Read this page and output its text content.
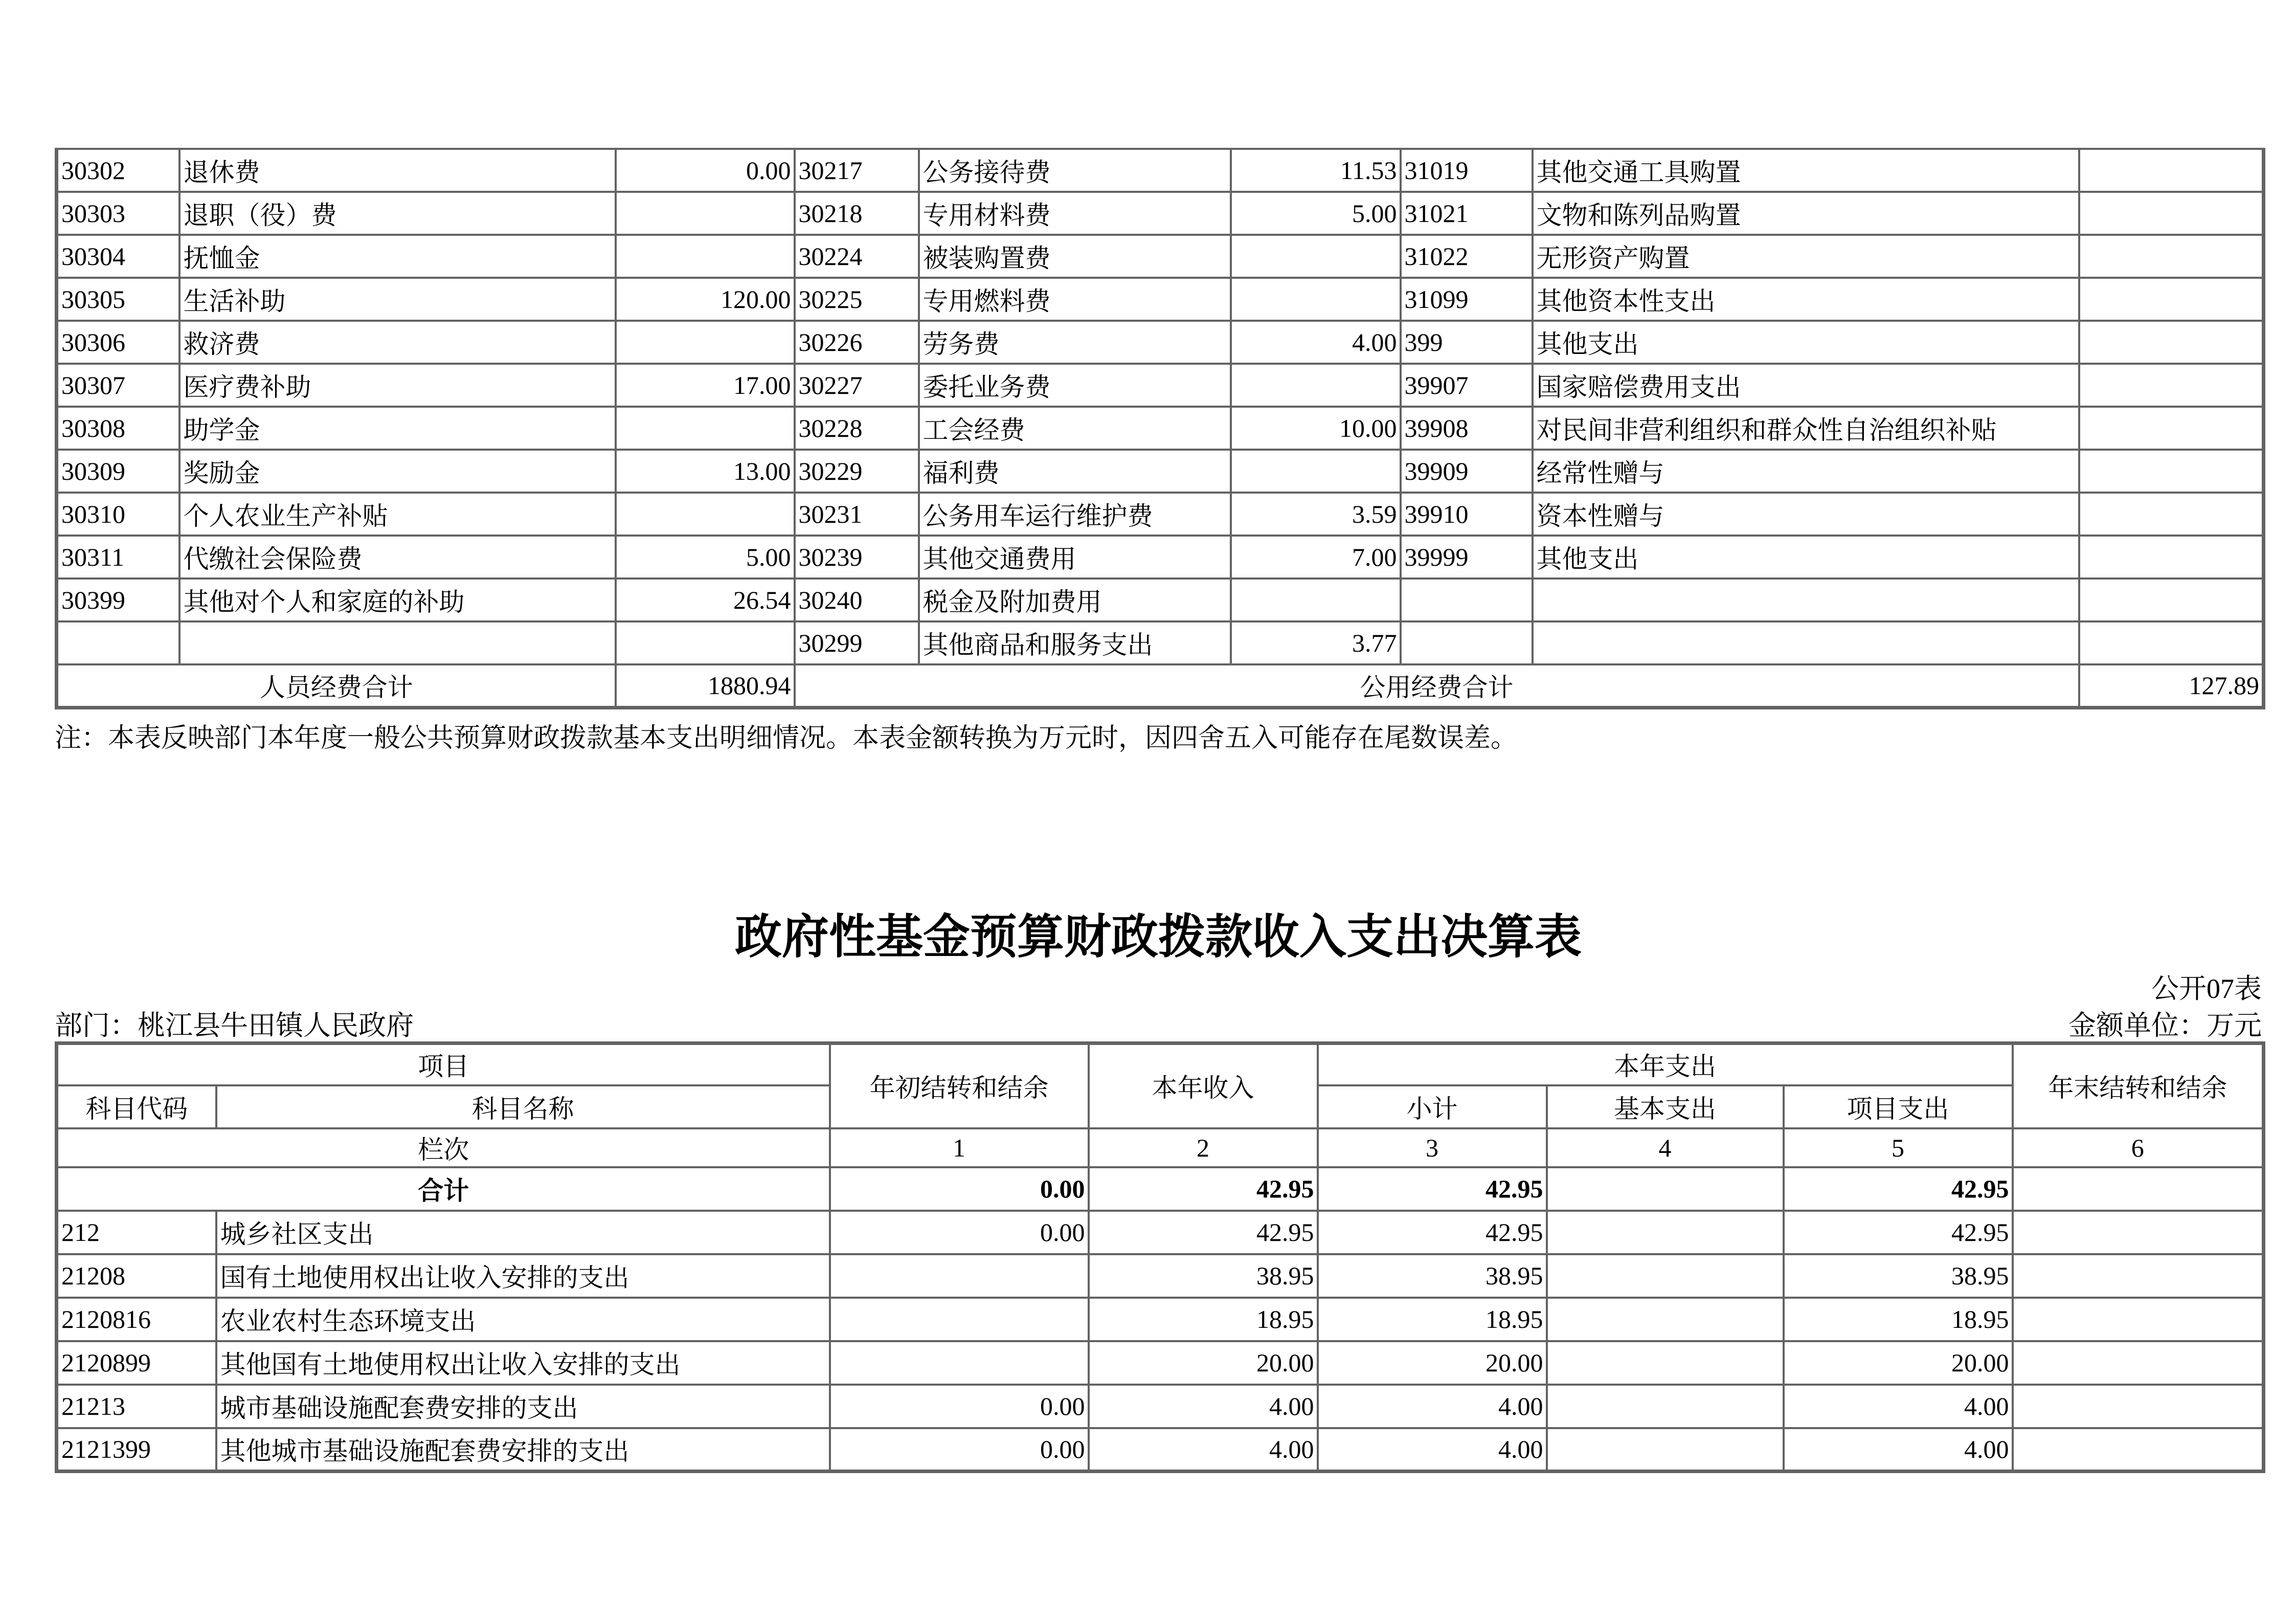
30302	退休费	0.00	30217	公务接待费	11.53	31019	其他交通工具购置	
30303	退职（役）费		30218	专用材料费	5.00	31021	文物和陈列品购置	
30304	抚恤金		30224	被装购置费		31022	无形资产购置	
30305	生活补助	120.00	30225	专用燃料费		31099	其他资本性支出	
30306	救济费		30226	劳务费	4.00	399	其他支出	
30307	医疗费补助	17.00	30227	委托业务费		39907	国家赔偿费用支出	
30308	助学金		30228	工会经费	10.00	39908	对民间非营利组织和群众性自治组织补贴	
30309	奖励金	13.00	30229	福利费		39909	经常性赠与	
30310	个人农业生产补贴		30231	公务用车运行维护费	3.59	39910	资本性赠与	
30311	代缴社会保险费	5.00	30239	其他交通费用	7.00	39999	其他支出	
30399	其他对个人和家庭的补助	26.54	30240	税金及附加费用				
			30299	其他商品和服务支出	3.77			
人员经费合计		1880.94	公用经费合计					127.89
注：本表反映部门本年度一般公共预算财政拨款基本支出明细情况。本表金额转换为万元时，因四舍五入可能存在尾数误差。
政府性基金预算财政拨款收入支出决算表
公开07表
部门：桃江县牛田镇人民政府	金额单位：万元
项目		年初结转和结余	本年收入	本年支出			年末结转和结余
科目代码	科目名称			小计	基本支出	项目支出	
栏次		1	2	3	4	5	6
合计		0.00	42.95	42.95		42.95	
212	城乡社区支出	0.00	42.95	42.95		42.95	
21208	国有土地使用权出让收入安排的支出		38.95	38.95		38.95	
2120816	农业农村生态环境支出		18.95	18.95		18.95	
2120899	其他国有土地使用权出让收入安排的支出		20.00	20.00		20.00	
21213	城市基础设施配套费安排的支出	0.00	4.00	4.00		4.00	
2121399	其他城市基础设施配套费安排的支出	0.00	4.00	4.00		4.00	
